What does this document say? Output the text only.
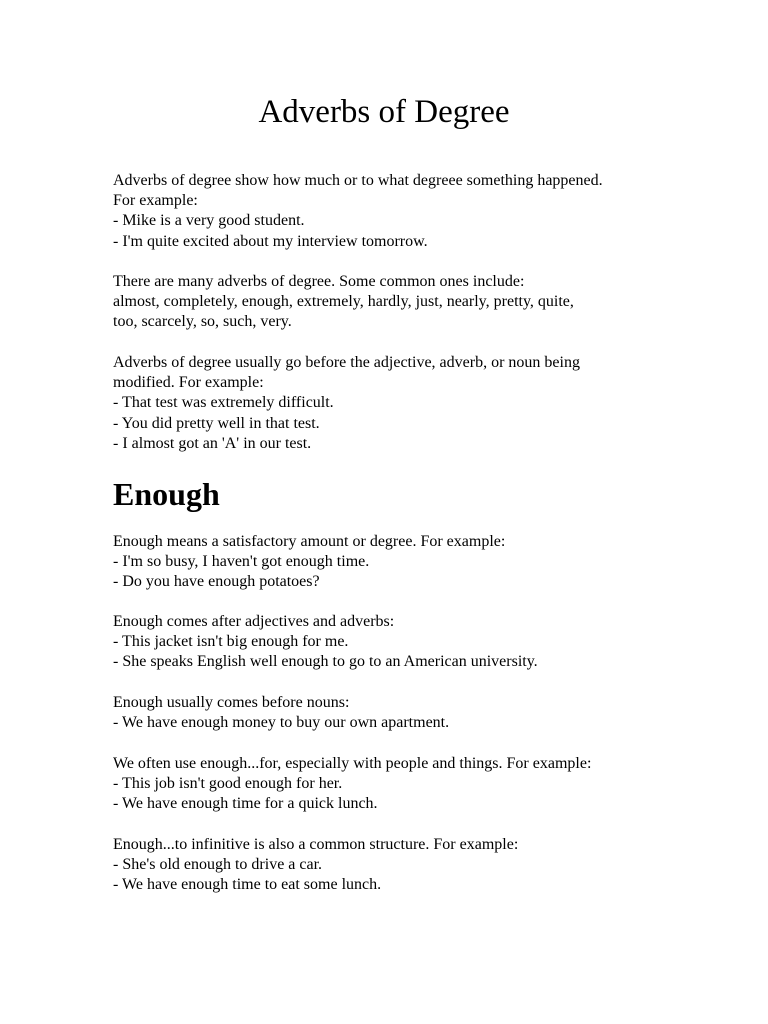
Adverbs of Degree

Adverbs of degree show how much or to what degreee something happened.
For example:
- Mike is a very good student.
- I'm quite excited about my interview tomorrow.

There are many adverbs of degree. Some common ones include:
almost, completely, enough, extremely, hardly, just, nearly, pretty, quite,
too, scarcely, so, such, very.

Adverbs of degree usually go before the adjective, adverb, or noun being
modified. For example:
- That test was extremely difficult.
- You did pretty well in that test.
- I almost got an 'A' in our test.

Enough

Enough means a satisfactory amount or degree. For example:
- I'm so busy, I haven't got enough time.
- Do you have enough potatoes?

Enough comes after adjectives and adverbs:
- This jacket isn't big enough for me.
- She speaks English well enough to go to an American university.

Enough usually comes before nouns:
- We have enough money to buy our own apartment.

We often use enough...for, especially with people and things. For example:
- This job isn't good enough for her.
- We have enough time for a quick lunch.

Enough...to infinitive is also a common structure. For example:
- She's old enough to drive a car.
- We have enough time to eat some lunch.
